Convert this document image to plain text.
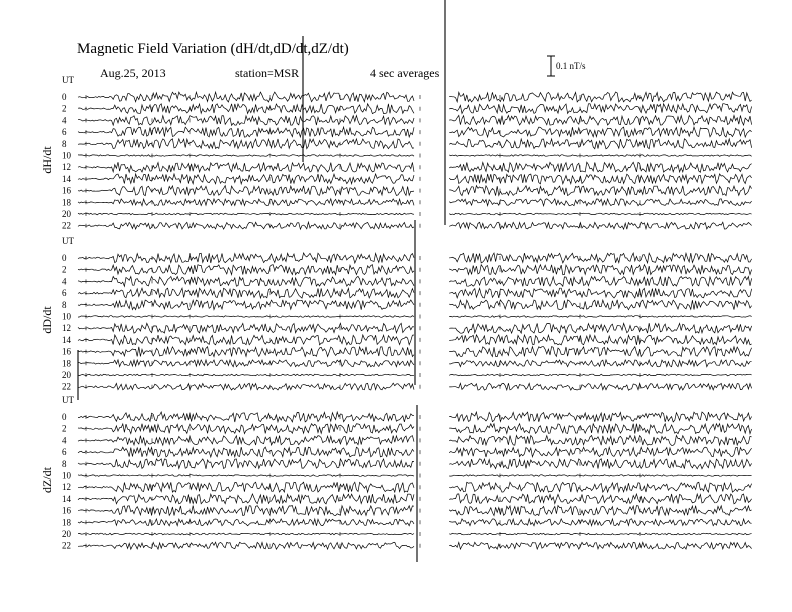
Magnetic Field Variation (dH/dt,dD/dt,dZ/dt)
Aug.25, 2013	station=MSR	4 sec averages	0.1 nT/s
dH/dt
UT
0
2
4
6
8
10
12
14
16
18
20
22
dD/dt
UT
0
2
4
6
8
10
12
14
16
18
20
22
dZ/dt
UT
0
2
4
6
8
10
12
14
16
18
20
22
